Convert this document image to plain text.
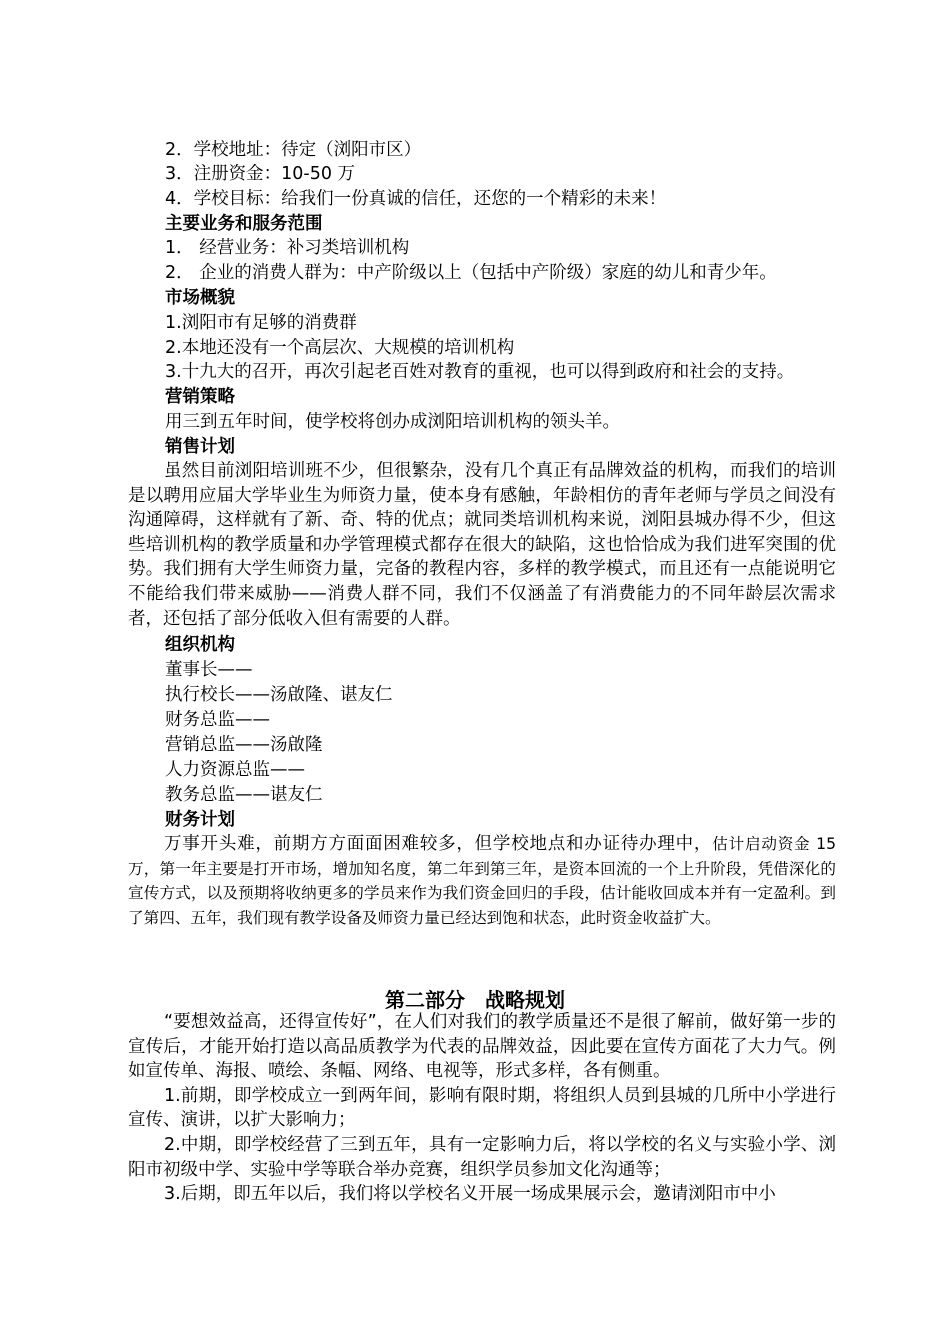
2．学校地址：待定（浏阳市区）
3．注册资金：10-50 万
4．学校目标：给我们一份真诚的信任，还您的一个精彩的未来！
主要业务和服务范围
1． 经营业务：补习类培训机构
2． 企业的消费人群为：中产阶级以上（包括中产阶级）家庭的幼儿和青少年。
市场概貌
1.浏阳市有足够的消费群
2.本地还没有一个高层次、大规模的培训机构
3.十九大的召开，再次引起老百姓对教育的重视，也可以得到政府和社会的支持。
营销策略
用三到五年时间，使学校将创办成浏阳培训机构的领头羊。
销售计划

虽然目前浏阳培训班不少，但很繁杂，没有几个真正有品牌效益的机构，而我们的培训是以聘用应届大学毕业生为师资力量，使本身有感触，年龄相仿的青年老师与学员之间没有沟通障碍，这样就有了新、奇、特的优点；就同类培训机构来说，浏阳县城办得不少，但这些培训机构的教学质量和办学管理模式都存在很大的缺陷，这也恰恰成为我们进军突围的优势。我们拥有大学生师资力量，完备的教程内容，多样的教学模式，而且还有一点能说明它不能给我们带来威胁——消费人群不同，我们不仅涵盖了有消费能力的不同年龄层次需求者，还包括了部分低收入但有需要的人群。

组织机构
董事长——
执行校长——汤啟隆、谌友仁
财务总监——
营销总监——汤啟隆
人力资源总监——
教务总监——谌友仁
财务计划

万事开头难，前期方方面面困难较多，但学校地点和办证待办理中，估计启动资金 15 万，第一年主要是打开市场，增加知名度，第二年到第三年，是资本回流的一个上升阶段，凭借深化的宣传方式，以及预期将收纳更多的学员来作为我们资金回归的手段，估计能收回成本并有一定盈利。到了第四、五年，我们现有教学设备及师资力量已经达到饱和状态，此时资金收益扩大。

第二部分　战略规划

“要想效益高，还得宣传好”，在人们对我们的教学质量还不是很了解前，做好第一步的宣传后，才能开始打造以高品质教学为代表的品牌效益，因此要在宣传方面花了大力气。例如宣传单、海报、喷绘、条幅、网络、电视等，形式多样，各有侧重。

1.前期，即学校成立一到两年间，影响有限时期，将组织人员到县城的几所中小学进行宣传、演讲，以扩大影响力；

2.中期，即学校经营了三到五年，具有一定影响力后，将以学校的名义与实验小学、浏阳市初级中学、实验中学等联合举办竞赛，组织学员参加文化沟通等；

3.后期，即五年以后，我们将以学校名义开展一场成果展示会，邀请浏阳市中小
